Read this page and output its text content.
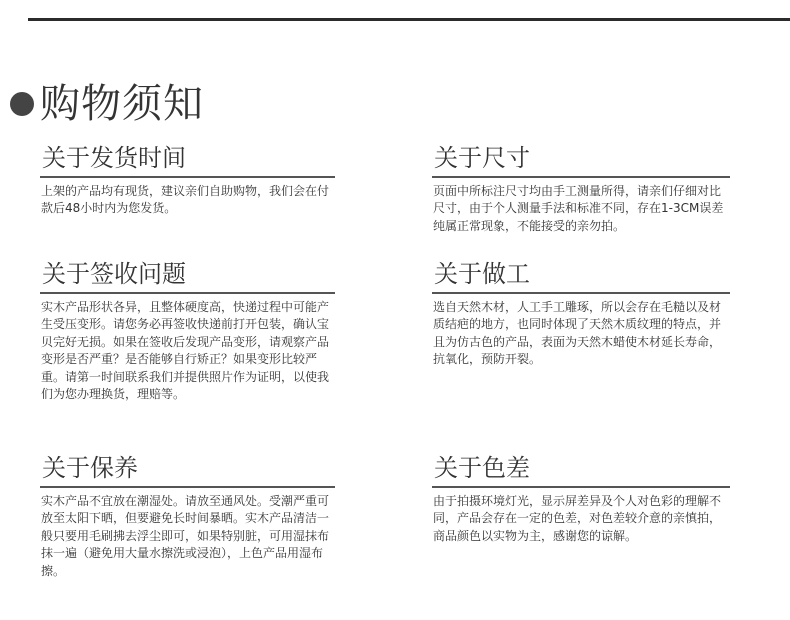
购物须知
关于发货时间
上架的产品均有现货，建议亲们自助购物，我们会在付款后48小时内为您发货。
关于尺寸
页面中所标注尺寸均由手工测量所得，请亲们仔细对比尺寸，由于个人测量手法和标准不同，存在1-3CM误差纯属正常现象，不能接受的亲勿拍。
关于签收问题
实木产品形状各异，且整体硬度高，快递过程中可能产生受压变形。请您务必再签收快递前打开包装，确认宝贝完好无损。如果在签收后发现产品变形，请观察产品变形是否严重？是否能够自行矫正？如果变形比较严重。请第一时间联系我们并提供照片作为证明，以使我们为您办理换货，理赔等。
关于做工
选自天然木材，人工手工雕琢，所以会存在毛糙以及材质结疤的地方，也同时体现了天然木质纹理的特点，并且为仿古色的产品，表面为天然木蜡使木材延长寿命，抗氧化，预防开裂。
关于保养
实木产品不宜放在潮湿处。请放至通风处。受潮严重可放至太阳下晒，但要避免长时间暴晒。实木产品清洁一般只要用毛刷拂去浮尘即可，如果特别脏，可用湿抹布抹一遍（避免用大量水擦洗或浸泡），上色产品用湿布擦。
关于色差
由于拍摄环境灯光，显示屏差异及个人对色彩的理解不同，产品会存在一定的色差，对色差较介意的亲慎拍，商品颜色以实物为主，感谢您的谅解。
